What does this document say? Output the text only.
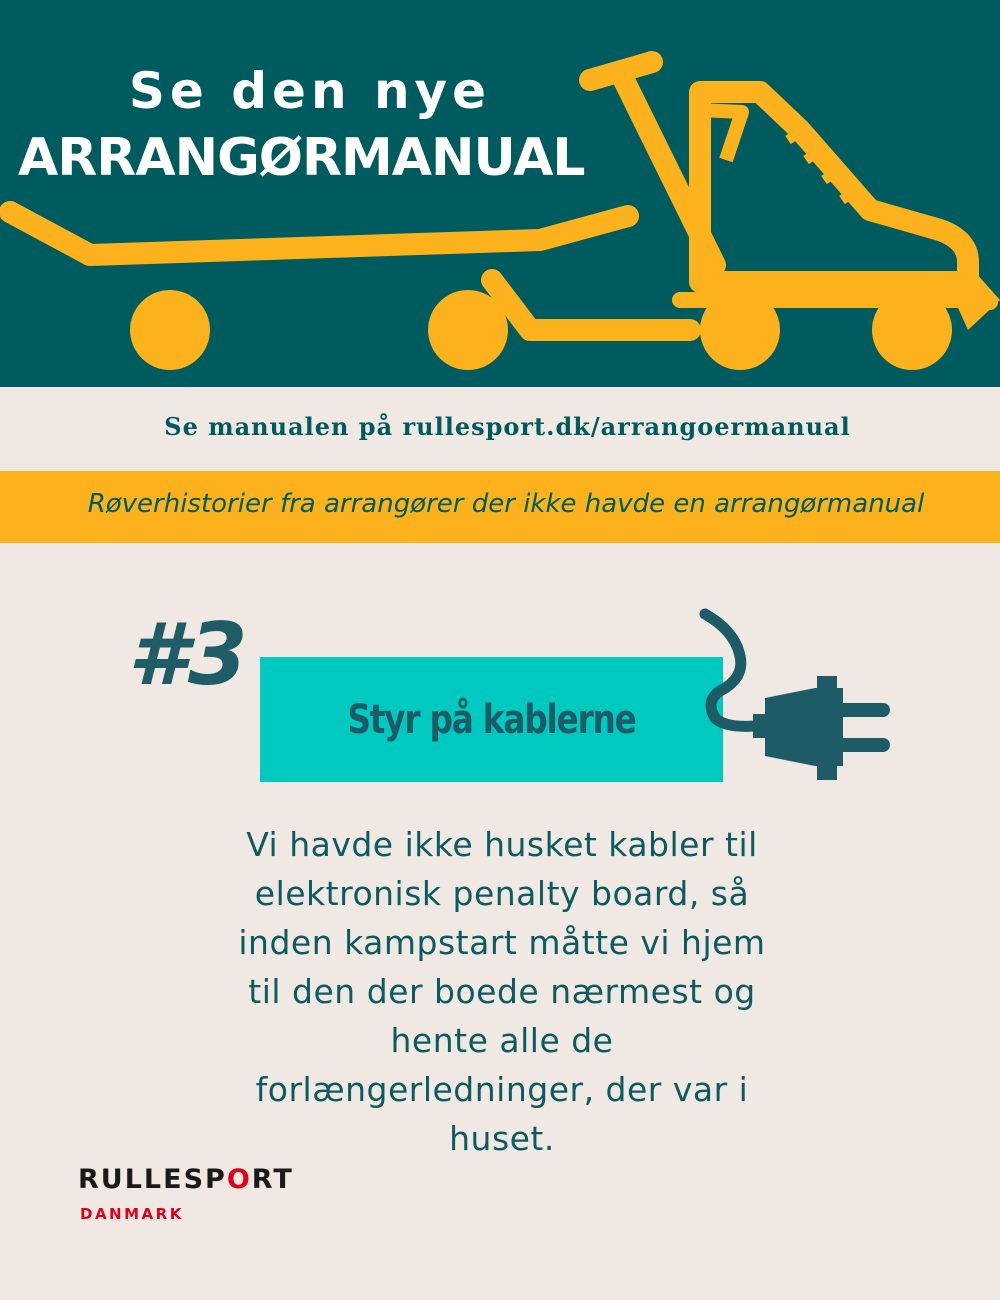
Se den nye
ARRANGØRMANUAL

Se manualen på rullesport.dk/arrangoermanual

Røverhistorier fra arrangører der ikke havde en arrangørmanual

#3

Styr på kablerne

Vi havde ikke husket kabler til elektronisk penalty board, så inden kampstart måtte vi hjem til den der boede nærmest og hente alle de forlængerledninger, der var i huset.

RULLESPORT

DANMARK
